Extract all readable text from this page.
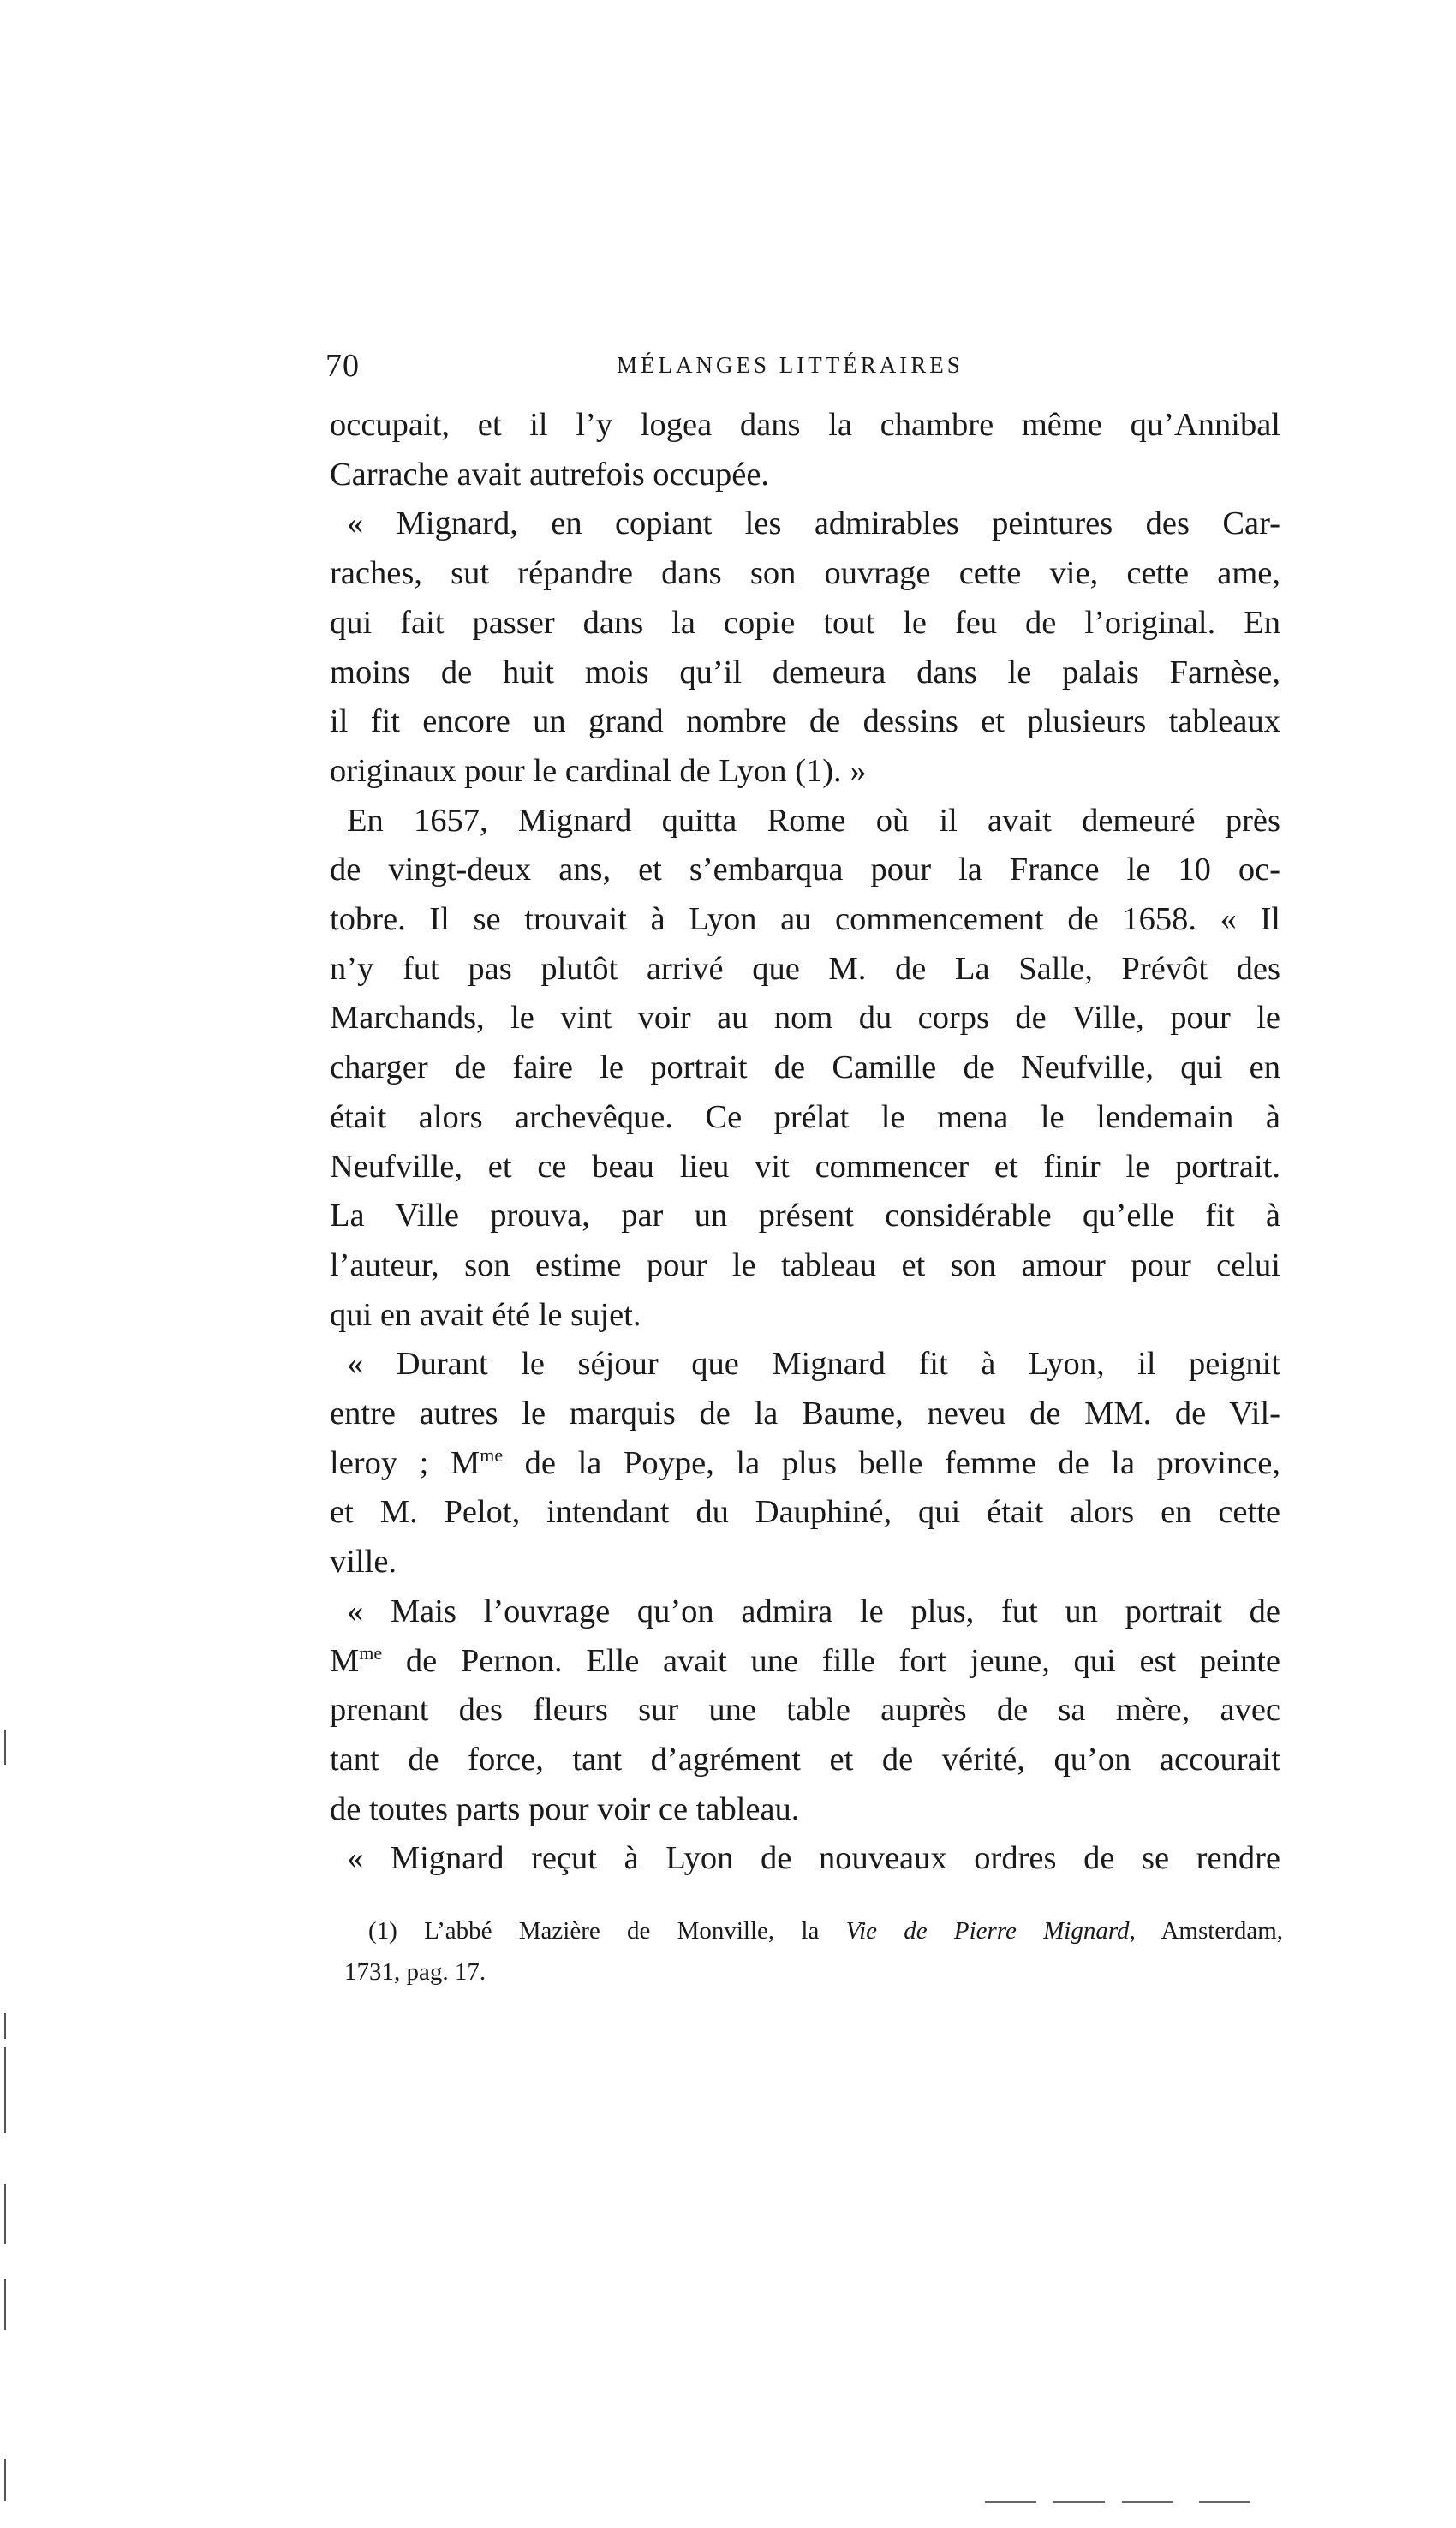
70	MÉLANGES LITTÉRAIRES
occupait, et il l’y logea dans la chambre même qu’Annibal
Carrache avait autrefois occupée.
« Mignard, en copiant les admirables peintures des Car-
raches, sut répandre dans son ouvrage cette vie, cette ame,
qui fait passer dans la copie tout le feu de l’original. En
moins de huit mois qu’il demeura dans le palais Farnèse,
il fit encore un grand nombre de dessins et plusieurs tableaux
originaux pour le cardinal de Lyon (1). »
En 1657, Mignard quitta Rome où il avait demeuré près
de vingt-deux ans, et s’embarqua pour la France le 10 oc-
tobre. Il se trouvait à Lyon au commencement de 1658. « Il
n’y fut pas plutôt arrivé que M. de La Salle, Prévôt des
Marchands, le vint voir au nom du corps de Ville, pour le
charger de faire le portrait de Camille de Neufville, qui en
était alors archevêque. Ce prélat le mena le lendemain à
Neufville, et ce beau lieu vit commencer et finir le portrait.
La Ville prouva, par un présent considérable qu’elle fit à
l’auteur, son estime pour le tableau et son amour pour celui
qui en avait été le sujet.
« Durant le séjour que Mignard fit à Lyon, il peignit
entre autres le marquis de la Baume, neveu de MM. de Vil-
leroy ; $M^{me}$ de la Poype, la plus belle femme de la province,
et M. Pelot, intendant du Dauphiné, qui était alors en cette
ville.
« Mais l’ouvrage qu’on admira le plus, fut un portrait de
$M^{me}$ de Pernon. Elle avait une fille fort jeune, qui est peinte
prenant des fleurs sur une table auprès de sa mère, avec
tant de force, tant d’agrément et de vérité, qu’on accourait
de toutes parts pour voir ce tableau.
« Mignard reçut à Lyon de nouveaux ordres de se rendre
(1) L’abbé Mazière de Monville, la Vie de Pierre Mignard, Amsterdam,
1731, pag. 17.
